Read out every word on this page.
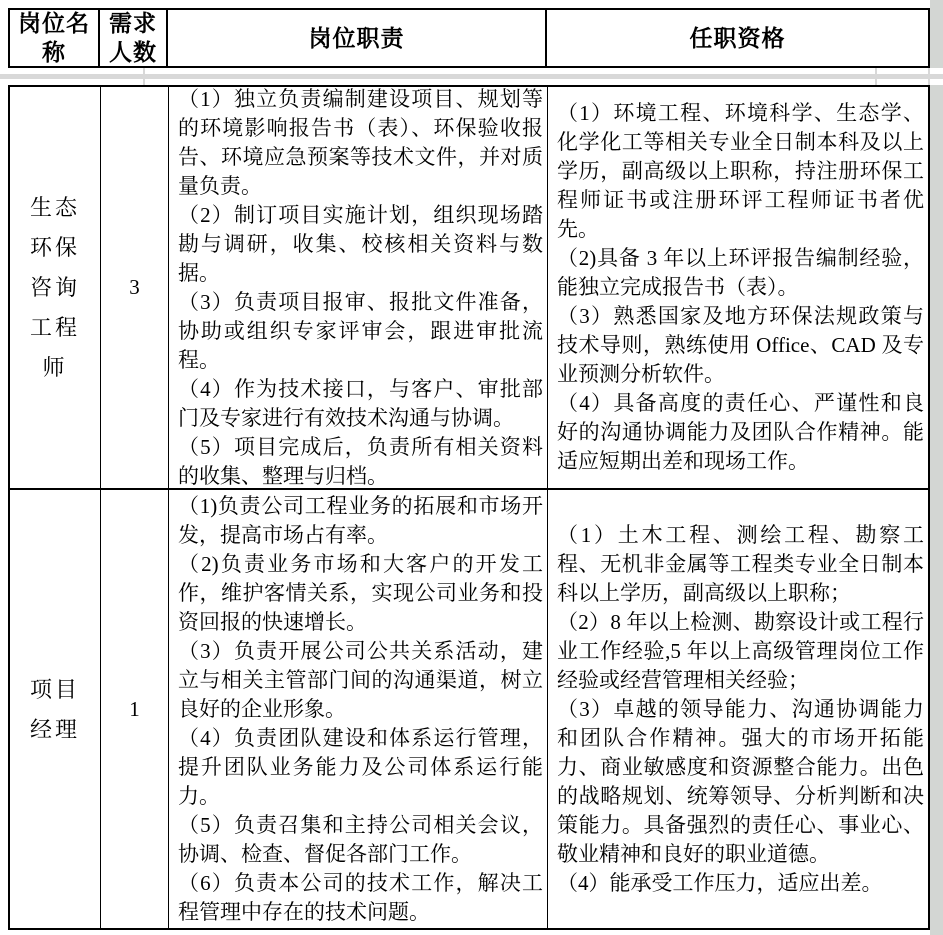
岗位名称
需求人数
岗位职责	任职资格
生态环保咨询工程师
3
（1）独立负责编制建设项目、规划等的环境影响报告书（表）、环保验收报告、环境应急预案等技术文件，并对质量负责。
（2）制订项目实施计划，组织现场踏勘与调研，收集、校核相关资料与数据。
（3）负责项目报审、报批文件准备，协助或组织专家评审会，跟进审批流程。
（4）作为技术接口，与客户、审批部门及专家进行有效技术沟通与协调。
（5）项目完成后，负责所有相关资料的收集、整理与归档。
（1）环境工程、环境科学、生态学、化学化工等相关专业全日制本科及以上学历，副高级以上职称，持注册环保工程师证书或注册环评工程师证书者优先。
（2)具备 3 年以上环评报告编制经验，能独立完成报告书（表）。
（3）熟悉国家及地方环保法规政策与技术导则，熟练使用 Office、CAD 及专业预测分析软件。
（4）具备高度的责任心、严谨性和良好的沟通协调能力及团队合作精神。能适应短期出差和现场工作。
项目经理
1
（1)负责公司工程业务的拓展和市场开发，提高市场占有率。
（2)负责业务市场和大客户的开发工作，维护客情关系，实现公司业务和投资回报的快速增长。
（3）负责开展公司公共关系活动，建立与相关主管部门间的沟通渠道，树立良好的企业形象。
（4）负责团队建设和体系运行管理，提升团队业务能力及公司体系运行能力。
（5）负责召集和主持公司相关会议，协调、检查、督促各部门工作。
（6）负责本公司的技术工作，解决工程管理中存在的技术问题。
（1）土木工程、测绘工程、勘察工程、无机非金属等工程类专业全日制本科以上学历，副高级以上职称；
（2）8 年以上检测、勘察设计或工程行业工作经验,5 年以上高级管理岗位工作经验或经营管理相关经验；
（3）卓越的领导能力、沟通协调能力和团队合作精神。强大的市场开拓能力、商业敏感度和资源整合能力。出色的战略规划、统筹领导、分析判断和决策能力。具备强烈的责任心、事业心、敬业精神和良好的职业道德。
（4）能承受工作压力，适应出差。
